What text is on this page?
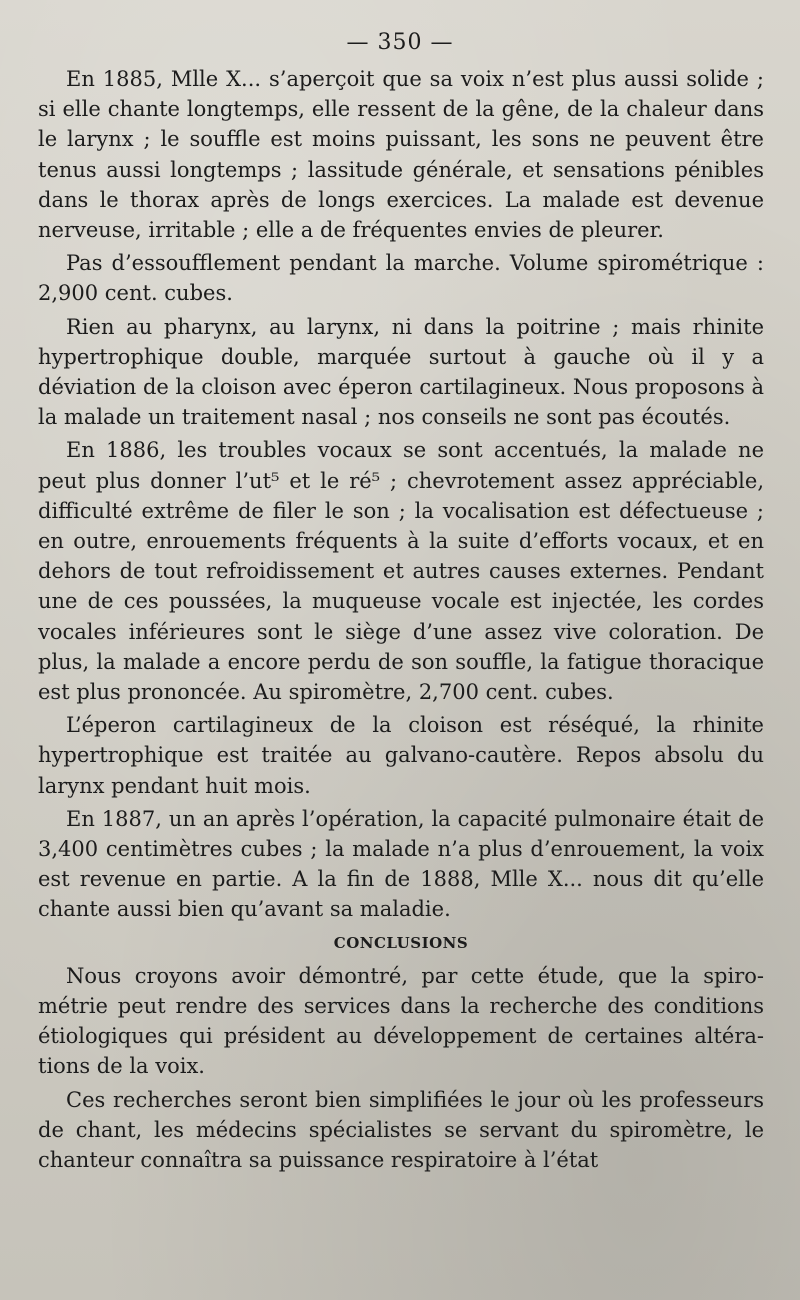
— 350 —

En 1885, Mlle X... s’aperçoit que sa voix n’est plus aussi solide ; si elle chante longtemps, elle ressent de la gêne, de la chaleur dans le larynx ; le souffle est moins puissant, les sons ne peuvent être tenus aussi longtemps ; lassitude générale, et sensations pénibles dans le thorax après de longs exercices. La malade est devenue nerveuse, irritable ; elle a de fréquentes envies de pleurer.

Pas d’essoufflement pendant la marche. Volume spirométrique : 2,900 cent. cubes.

Rien au pharynx, au larynx, ni dans la poitrine ; mais rhinite hypertrophique double, marquée surtout à gauche où il y a déviation de la cloison avec éperon cartilagineux. Nous proposons à la malade un traitement nasal ; nos conseils ne sont pas écoutés.

En 1886, les troubles vocaux se sont accentués, la malade ne peut plus donner l’ut⁵ et le ré⁵ ; chevrotement assez appréciable, difficulté extrême de filer le son ; la vocalisation est défectueuse ; en outre, enrouements fréquents à la suite d’efforts vocaux, et en dehors de tout refroidissement et autres causes externes. Pendant une de ces poussées, la muqueuse vocale est injectée, les cordes vocales inférieures sont le siège d’une assez vive coloration. De plus, la malade a encore perdu de son souffle, la fatigue thoracique est plus prononcée. Au spiromètre, 2,700 cent. cubes.

L’éperon cartilagineux de la cloison est réséqué, la rhinite hypertrophique est traitée au galvano-cautère. Repos absolu du larynx pendant huit mois.

En 1887, un an après l’opération, la capacité pulmonaire était de 3,400 centimètres cubes ; la malade n’a plus d’enrouement, la voix est revenue en partie. A la fin de 1888, Mlle X... nous dit qu’elle chante aussi bien qu’avant sa maladie.

CONCLUSIONS

Nous croyons avoir démontré, par cette étude, que la spirométrie peut rendre des services dans la recherche des conditions étiologiques qui président au développement de certaines altérations de la voix.

Ces recherches seront bien simplifiées le jour où les professeurs de chant, les médecins spécialistes se servant du spiromètre, le chanteur connaîtra sa puissance respiratoire à l’état
